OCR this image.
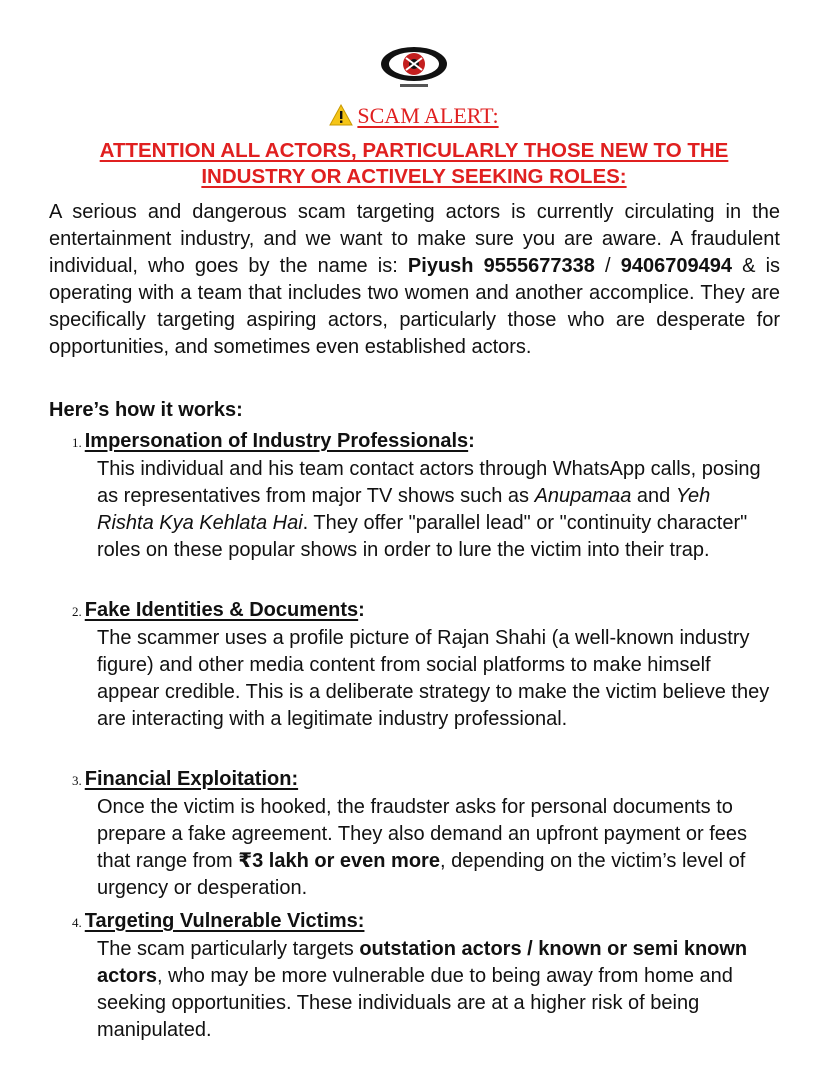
SCAM ALERT:
ATTENTION ALL ACTORS, PARTICULARLY THOSE NEW TO THE
INDUSTRY OR ACTIVELY SEEKING ROLES:

A serious and dangerous scam targeting actors is currently circulating in the entertainment industry, and we want to make sure you are aware. A fraudulent individual, who goes by the name is: Piyush 9555677338 / 9406709494 & is operating with a team that includes two women and another accomplice. They are specifically targeting aspiring actors, particularly those who are desperate for opportunities, and sometimes even established actors.

Here’s how it works:

1. Impersonation of Industry Professionals:

This individual and his team contact actors through WhatsApp calls, posing as representatives from major TV shows such as Anupamaa and Yeh Rishta Kya Kehlata Hai. They offer "parallel lead" or "continuity character" roles on these popular shows in order to lure the victim into their trap.

2. Fake Identities & Documents:

The scammer uses a profile picture of Rajan Shahi (a well-known industry figure) and other media content from social platforms to make himself appear credible. This is a deliberate strategy to make the victim believe they are interacting with a legitimate industry professional.

3. Financial Exploitation:

Once the victim is hooked, the fraudster asks for personal documents to prepare a fake agreement. They also demand an upfront payment or fees that range from ₹3 lakh or even more, depending on the victim’s level of urgency or desperation.

4. Targeting Vulnerable Victims:

The scam particularly targets outstation actors / known or semi known actors, who may be more vulnerable due to being away from home and seeking opportunities. These individuals are at a higher risk of being manipulated.
